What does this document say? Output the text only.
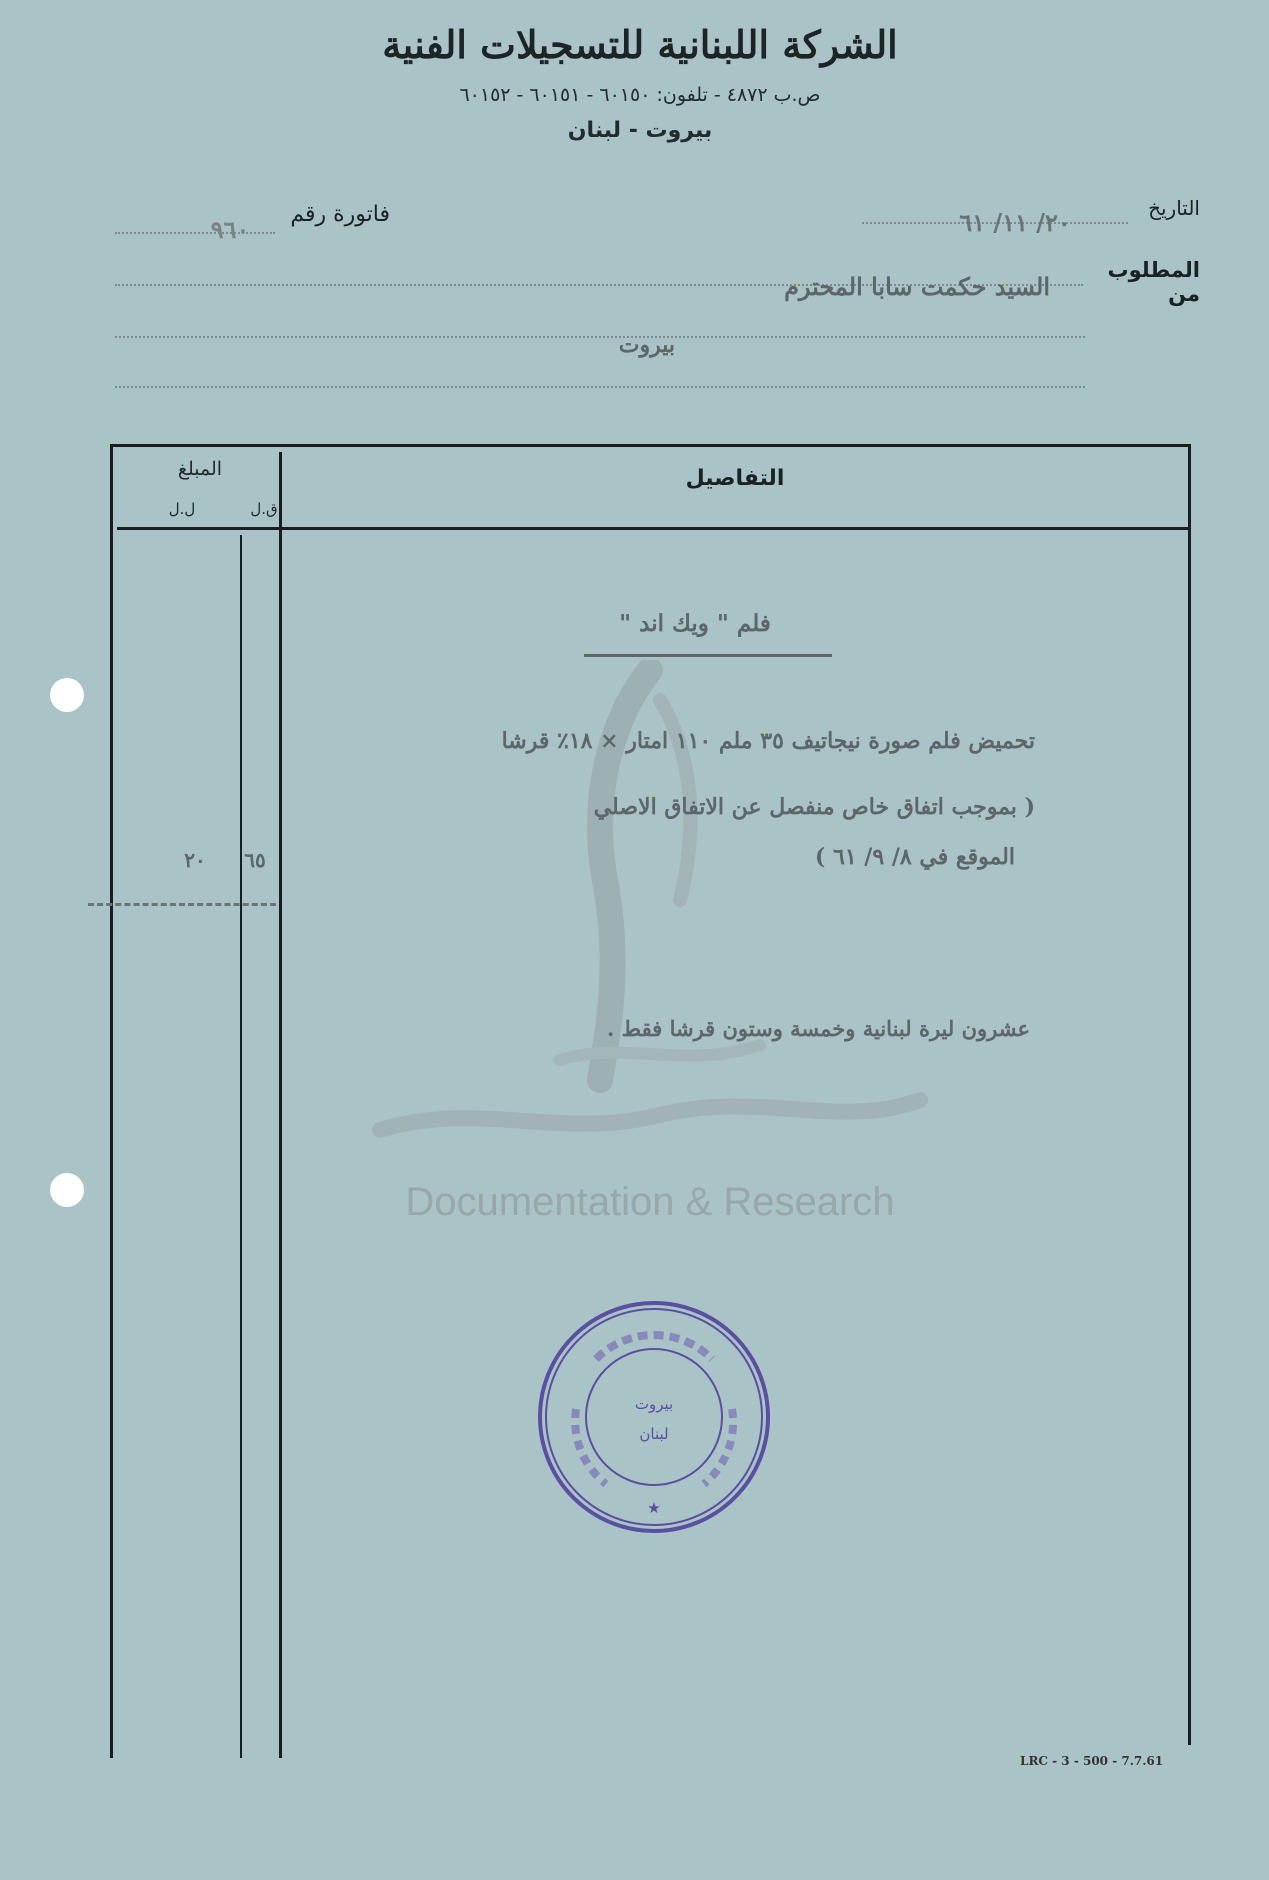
الشركة اللبنانية للتسجيلات الفنية
ص.ب ٤٨٧٢ - تلفون: ٦٠١٥٠ - ٦٠١٥١ - ٦٠١٥٢
بيروت - لبنان
التاريخ
٢٠/ ١١/ ٦١
فاتورة رقم
٩٦٠
المطلوب من
السيد حكمت سابا المحترم
بيروت
التفاصيل
المبلغ
ق.ل
ل.ل
Documentation & Research
فلم " ويك اند "
تحميض فلم صورة نيجاتيف ٣٥ ملم ١١٠ امتار × ١٨٪ قرشا
( بموجب اتفاق خاص منفصل عن الاتفاق الاصلي
الموقع في ٨/ ٩/ ٦١ )
٢٠	٦٥
عشرون ليرة لبنانية وخمسة وستون قرشا فقط .
★
بيروت
لبنان
LRC - 3 - 500 - 7.7.61
